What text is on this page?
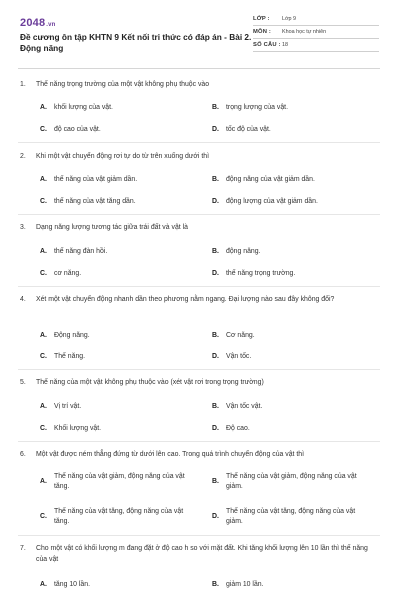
2048.vn
Đề cương ôn tập KHTN 9 Kết nối tri thức có đáp án - Bài 2. Động năng
LỚP :	Lớp 9
MÔN :	Khoa học tự nhiên
SỐ CÂU : 18
1. Thế năng trọng trường của một vật không phụ thuộc vào
A. khối lượng của vật.	B. trọng lượng của vật.
C. độ cao của vật.	D. tốc độ của vật.
2. Khi một vật chuyển động rơi tự do từ trên xuống dưới thì
A. thế năng của vật giảm dần.	B. động năng của vật giảm dần.
C. thế năng của vật tăng dần.	D. động lượng của vật giảm dần.
3. Dạng năng lượng tương tác giữa trái đất và vật là
A. thế năng đàn hồi.	B. động năng.
C. cơ năng.	D. thế năng trọng trường.
4. Xét một vật chuyển động nhanh dần theo phương nằm ngang. Đại lượng nào sau đây không đổi?
A. Động năng.	B. Cơ năng.
C. Thế năng.	D. Vận tốc.
5. Thế năng của một vật không phụ thuộc vào (xét vật rơi trong trọng trường)
A. Vị trí vật.	B. Vận tốc vật.
C. Khối lượng vật.	D. Độ cao.
6. Một vật được ném thẳng đứng từ dưới lên cao. Trong quá trình chuyển động của vật thì
A.
Thế năng của vật giảm, động năng của vật tăng.
B.
Thế năng của vật giảm, động năng của vật giảm.
C.
Thế năng của vật tăng, động năng của vật tăng.
D.
Thế năng của vật tăng, động năng của vật giảm.
7. Cho một vật có khối lượng m đang đặt ở độ cao h so với mặt đất. Khi tăng khối lượng lên 10 lần thì thế năng của vật
A. tăng 10 lần.	B. giảm 10 lần.
